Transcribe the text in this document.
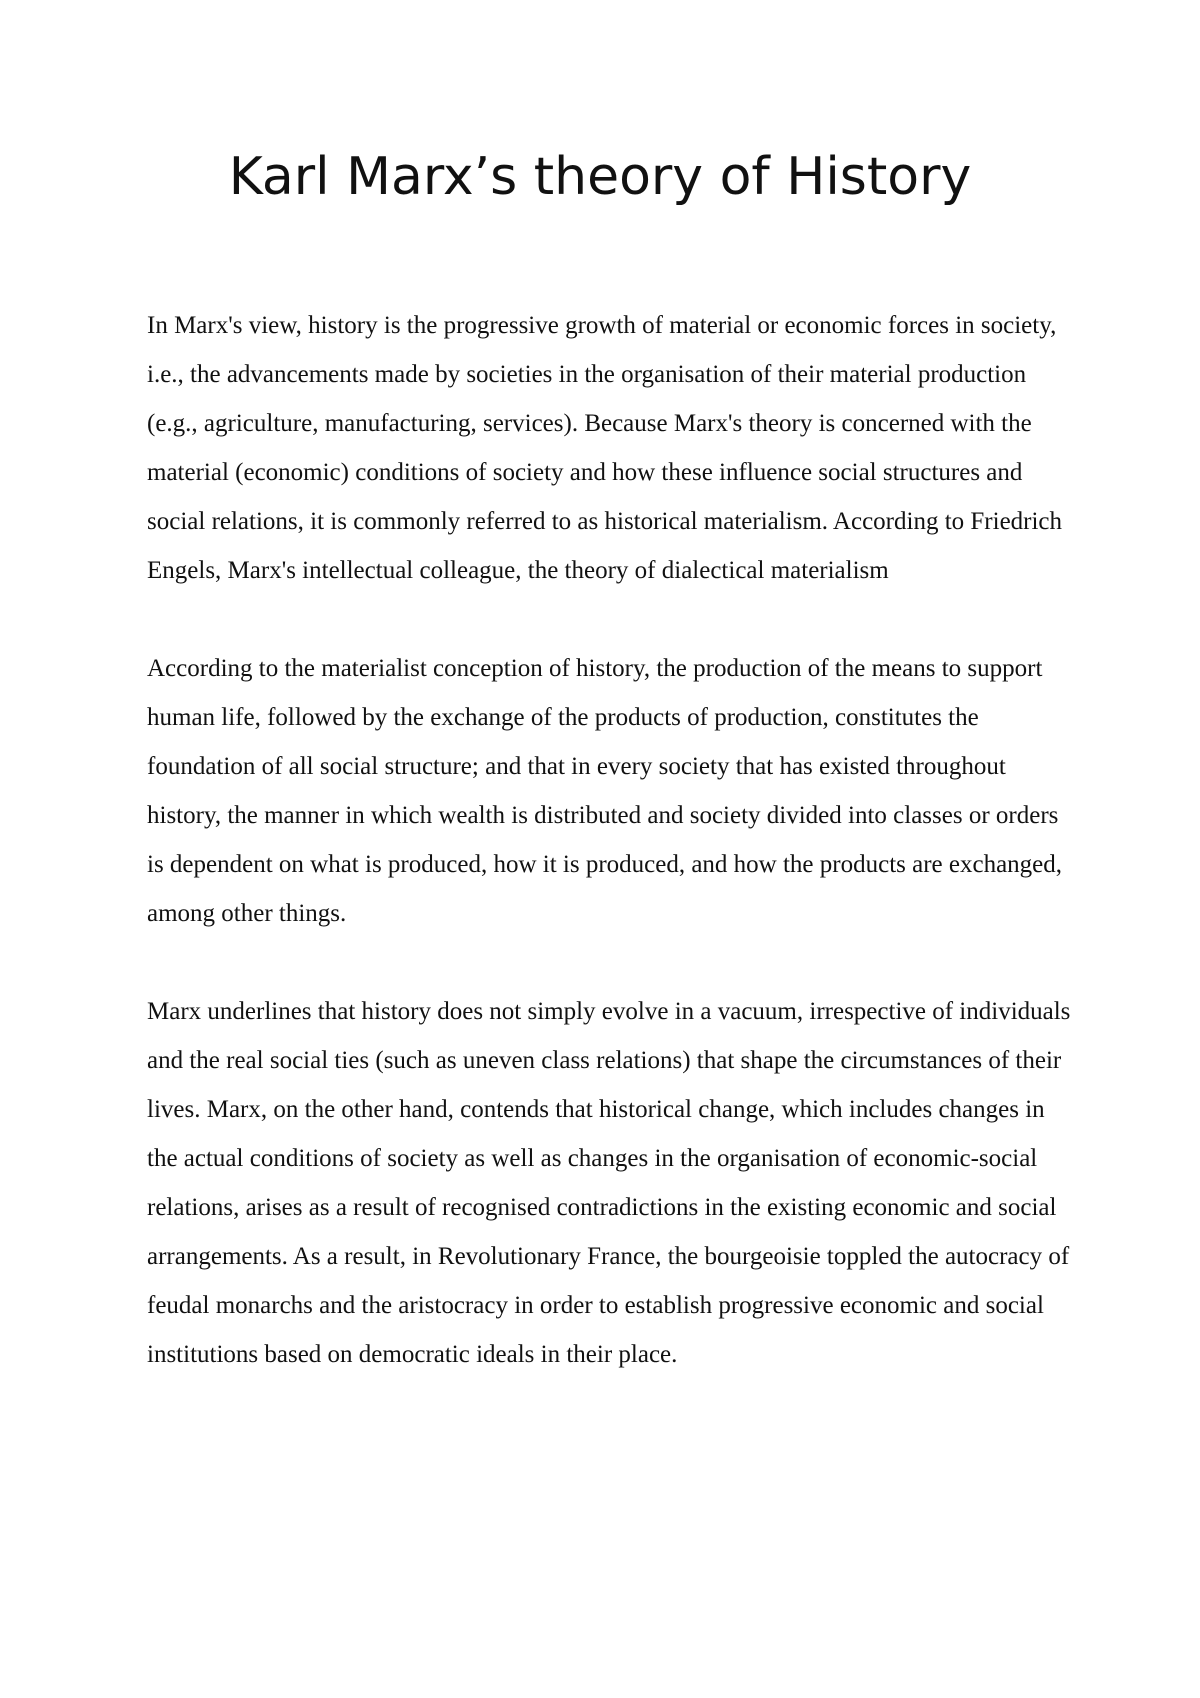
Karl Marx’s theory of History

In Marx's view, history is the progressive growth of material or economic forces in society, i.e., the advancements made by societies in the organisation of their material production (e.g., agriculture, manufacturing, services). Because Marx's theory is concerned with the material (economic) conditions of society and how these influence social structures and social relations, it is commonly referred to as historical materialism. According to Friedrich Engels, Marx's intellectual colleague, the theory of dialectical materialism

According to the materialist conception of history, the production of the means to support human life, followed by the exchange of the products of production, constitutes the foundation of all social structure; and that in every society that has existed throughout history, the manner in which wealth is distributed and society divided into classes or orders is dependent on what is produced, how it is produced, and how the products are exchanged, among other things.

Marx underlines that history does not simply evolve in a vacuum, irrespective of individuals and the real social ties (such as uneven class relations) that shape the circumstances of their lives. Marx, on the other hand, contends that historical change, which includes changes in the actual conditions of society as well as changes in the organisation of economic-social relations, arises as a result of recognised contradictions in the existing economic and social arrangements. As a result, in Revolutionary France, the bourgeoisie toppled the autocracy of feudal monarchs and the aristocracy in order to establish progressive economic and social institutions based on democratic ideals in their place.
